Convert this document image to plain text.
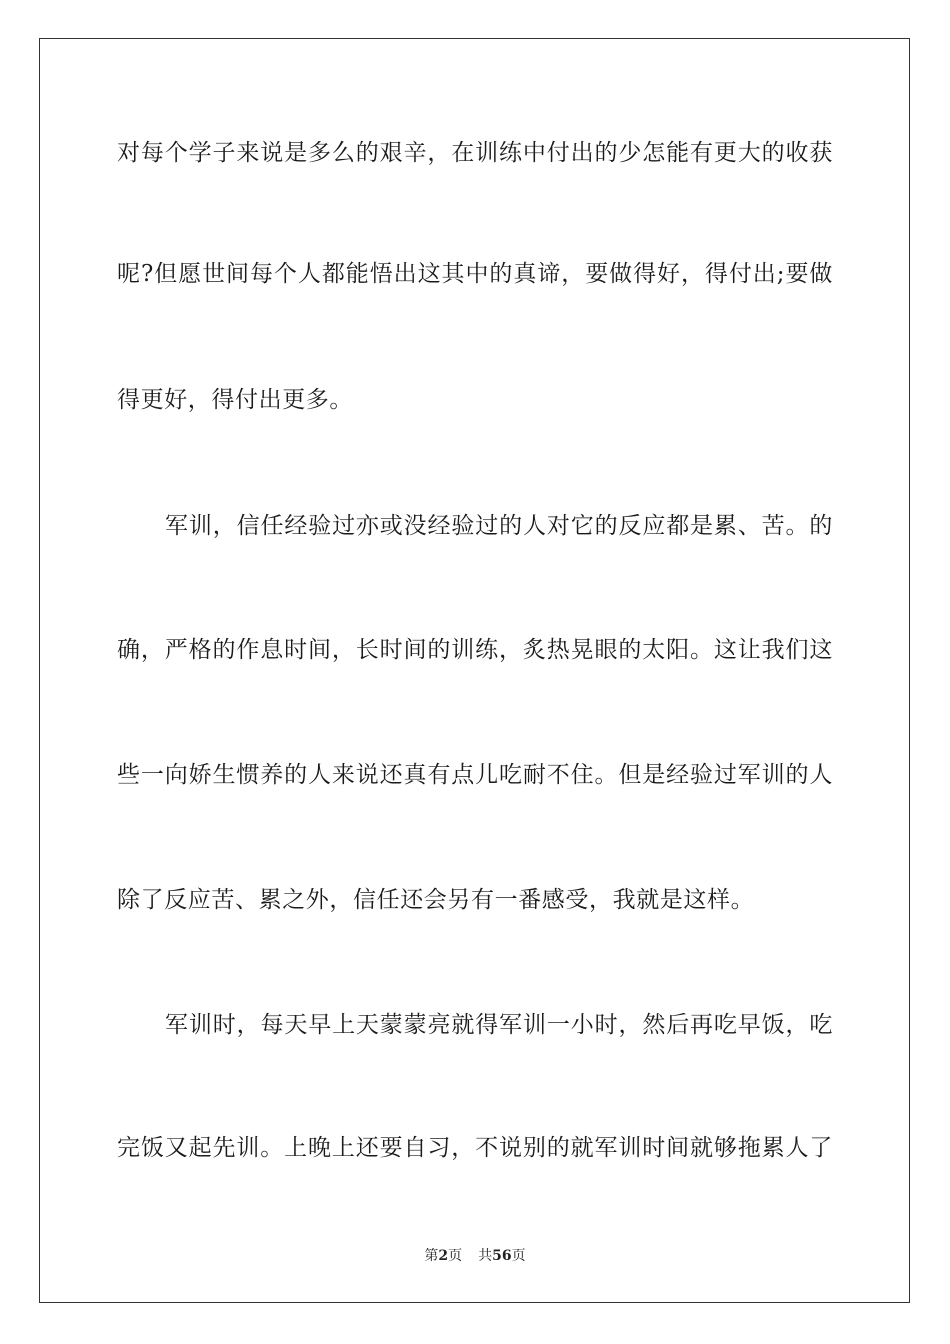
对每个学子来说是多么的艰辛，在训练中付出的少怎能有更大的收获
呢?但愿世间每个人都能悟出这其中的真谛，要做得好，得付出;要做
得更好，得付出更多。
军训，信任经验过亦或没经验过的人对它的反应都是累、苦。的
确，严格的作息时间，长时间的训练，炙热晃眼的太阳。这让我们这
些一向娇生惯养的人来说还真有点儿吃耐不住。但是经验过军训的人
除了反应苦、累之外，信任还会另有一番感受，我就是这样。
军训时，每天早上天蒙蒙亮就得军训一小时，然后再吃早饭，吃
完饭又起先训。上晚上还要自习，不说别的就军训时间就够拖累人了
第2页 共56页
